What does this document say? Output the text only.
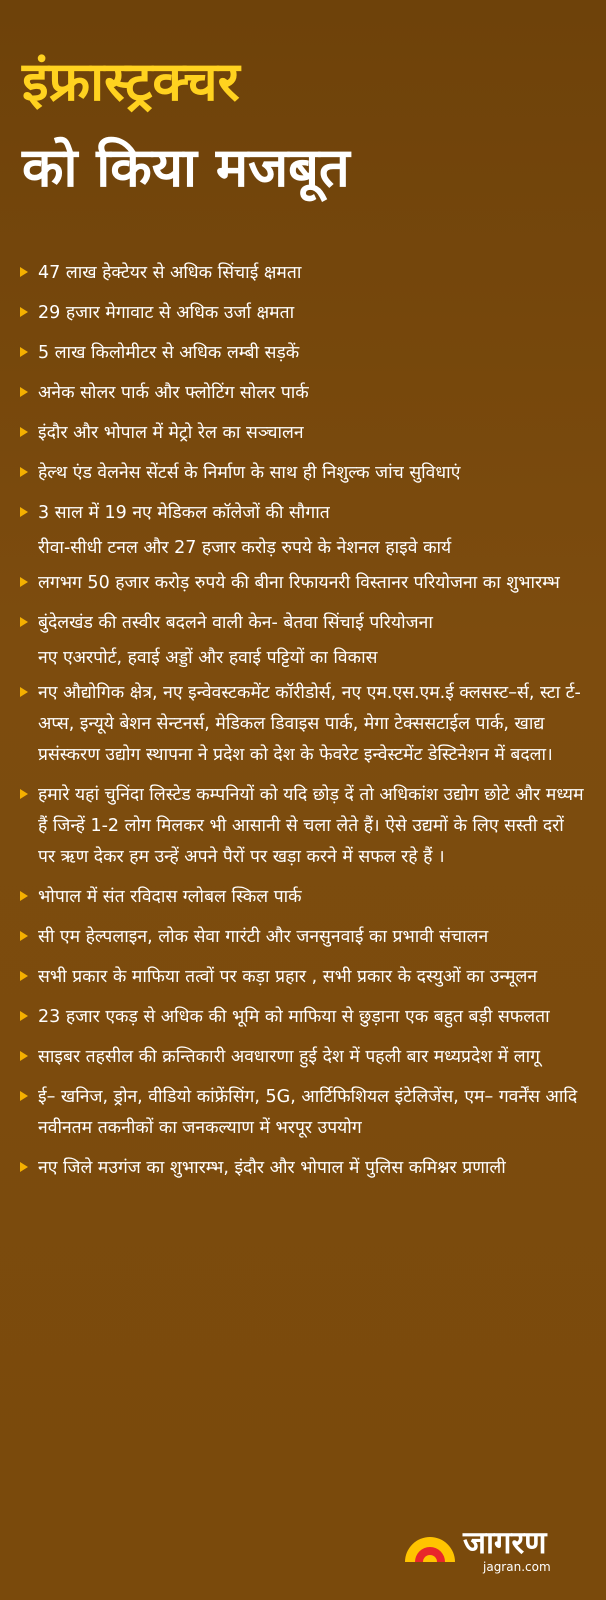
इंफ्रास्ट्रक्चर
को किया मजबूत
47 लाख हेक्टेयर से अधिक सिंचाई क्षमता
29 हजार मेगावाट से अधिक उर्जा क्षमता
5 लाख किलोमीटर से अधिक लम्बी सड़कें
अनेक सोलर पार्क और फ्लोटिंग सोलर पार्क
इंदौर और भोपाल में मेट्रो रेल का सञ्चालन
हेल्थ एंड वेलनेस सेंटर्स के निर्माण के साथ ही निशुल्क जांच सुविधाएं
3 साल में 19 नए मेडिकल कॉलेजों की सौगात
रीवा-सीधी टनल और 27 हजार करोड़ रुपये के नेशनल हाइवे कार्य
लगभग 50 हजार करोड़ रुपये की बीना रिफायनरी विस्तानर परियोजना का शुभारम्भ
बुंदेलखंड की तस्वीर बदलने वाली केन- बेतवा सिंचाई परियोजना
नए एअरपोर्ट, हवाई अड्डों और हवाई पट्टियों का विकास
नए औद्योगिक क्षेत्र, नए इन्वेवस्टकमेंट कॉरीडोर्स, नए एम.एस.एम.ई क्लसस्ट–र्स, स्टा र्ट-अप्स, इन्यूये बेशन सेन्टनर्स, मेडिकल डिवाइस पार्क, मेगा टेक्ससटाईल पार्क, खाद्य प्रसंस्करण उद्योग स्थापना ने प्रदेश को देश के फेवरेट इन्वेस्टमेंट डेस्टिनेशन में बदला।
हमारे यहां चुनिंदा लिस्टेड कम्पनियों को यदि छोड़ दें तो अधिकांश उद्योग छोटे और मध्यम हैं जिन्हें 1-2 लोग मिलकर भी आसानी से चला लेते हैं। ऐसे उद्यमों के लिए सस्ती दरों पर ऋण देकर हम उन्हें अपने पैरों पर खड़ा करने में सफल रहे हैं ।
भोपाल में संत रविदास ग्लोबल स्किल पार्क
सी एम हेल्पलाइन, लोक सेवा गारंटी और जनसुनवाई का प्रभावी संचालन
सभी प्रकार के माफिया तत्वों पर कड़ा प्रहार , सभी प्रकार के दस्युओं का उन्मूलन
23 हजार एकड़ से अधिक की भूमि को माफिया से छुड़ाना एक बहुत बड़ी सफलता
साइबर तहसील की क्रन्तिकारी अवधारणा हुई देश में पहली बार मध्यप्रदेश में लागू
ई– खनिज, ड्रोन, वीडियो कांफ्रेंसिंग, 5G, आर्टिफिशियल इंटेलिजेंस, एम– गवर्नेंस आदि नवीनतम तकनीकों का जनकल्याण में भरपूर उपयोग
नए जिले मउगंज का शुभारम्भ, इंदौर और भोपाल में पुलिस कमिश्नर प्रणाली
जागरण
jagran.com
